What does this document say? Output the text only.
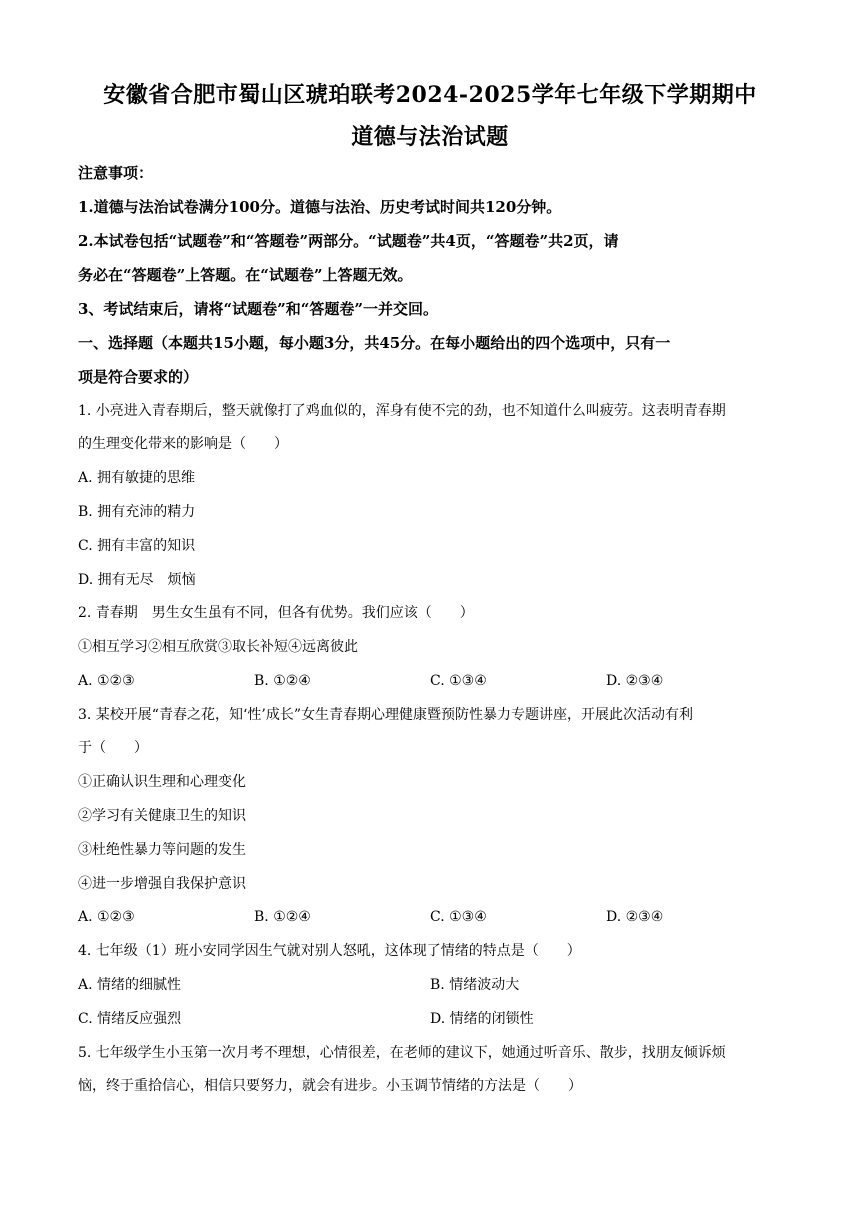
安徽省合肥市蜀山区琥珀联考2024-2025学年七年级下学期期中
道德与法治试题
注意事项：
1.道德与法治试卷满分100分。道德与法治、历史考试时间共120分钟。
2.本试卷包括“试题卷”和“答题卷”两部分。“试题卷”共4页，“答题卷”共2页，请
务必在“答题卷”上答题。在“试题卷”上答题无效。
3、考试结束后，请将“试题卷”和“答题卷”一并交回。
一、选择题（本题共15小题，每小题3分，共45分。在每小题给出的四个选项中，只有一
项是符合要求的）
1. 小亮进入青春期后，整天就像打了鸡血似的，浑身有使不完的劲，也不知道什么叫疲劳。这表明青春期
的生理变化带来的影响是（　　）
A. 拥有敏捷的思维
B. 拥有充沛的精力
C. 拥有丰富的知识
D. 拥有无尽　烦恼
2. 青春期　男生女生虽有不同，但各有优势。我们应该（　　）
①相互学习②相互欣赏③取长补短④远离彼此
A. ①②③	B. ①②④	C. ①③④	D. ②③④
3. 某校开展“青春之花，知‘性’成长”女生青春期心理健康暨预防性暴力专题讲座，开展此次活动有利
于（　　）
①正确认识生理和心理变化
②学习有关健康卫生的知识
③杜绝性暴力等问题的发生
④进一步增强自我保护意识
A. ①②③	B. ①②④	C. ①③④	D. ②③④
4. 七年级（1）班小安同学因生气就对别人怒吼，这体现了情绪的特点是（　　）
A. 情绪的细腻性	B. 情绪波动大
C. 情绪反应强烈	D. 情绪的闭锁性
5. 七年级学生小玉第一次月考不理想，心情很差，在老师的建议下，她通过听音乐、散步，找朋友倾诉烦
恼，终于重拾信心，相信只要努力，就会有进步。小玉调节情绪的方法是（　　）
